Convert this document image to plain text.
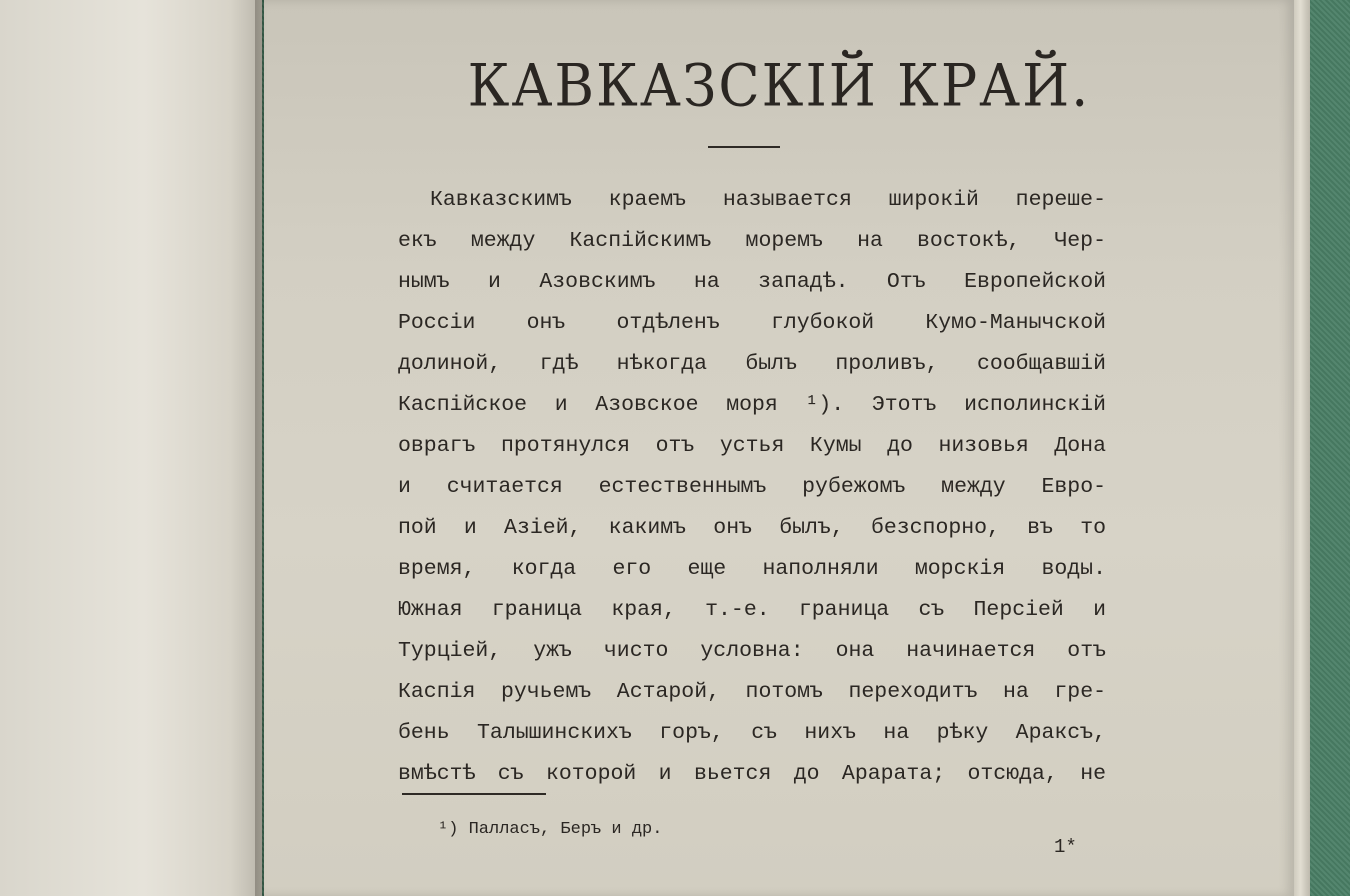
КАВКАЗСКІЙ КРАЙ.
Кавказскимъ краемъ называется широкій переше-
екъ между Каспійскимъ моремъ на востокѣ, Чер-
нымъ и Азовскимъ на западѣ. Отъ Европейской
Россіи онъ отдѣленъ глубокой Кумо-Манычской
долиной, гдѣ нѣкогда былъ проливъ, сообщавшій
Каспійское и Азовское моря ¹). Этотъ исполинскій
оврагъ протянулся отъ устья Кумы до низовья Дона
и считается естественнымъ рубежомъ между Евро-
пой и Азіей, какимъ онъ былъ, безспорно, въ то
время, когда его еще наполняли морскія воды.
Южная граница края, т.-е. граница съ Персіей и
Турціей, ужъ чисто условна: она начинается отъ
Каспія ручьемъ Астарой, потомъ переходитъ на гре-
бень Талышинскихъ горъ, съ нихъ на рѣку Араксъ,
вмѣстѣ съ которой и вьется до Арарата; отсюда, не
¹) Палласъ, Беръ и др.
1*
